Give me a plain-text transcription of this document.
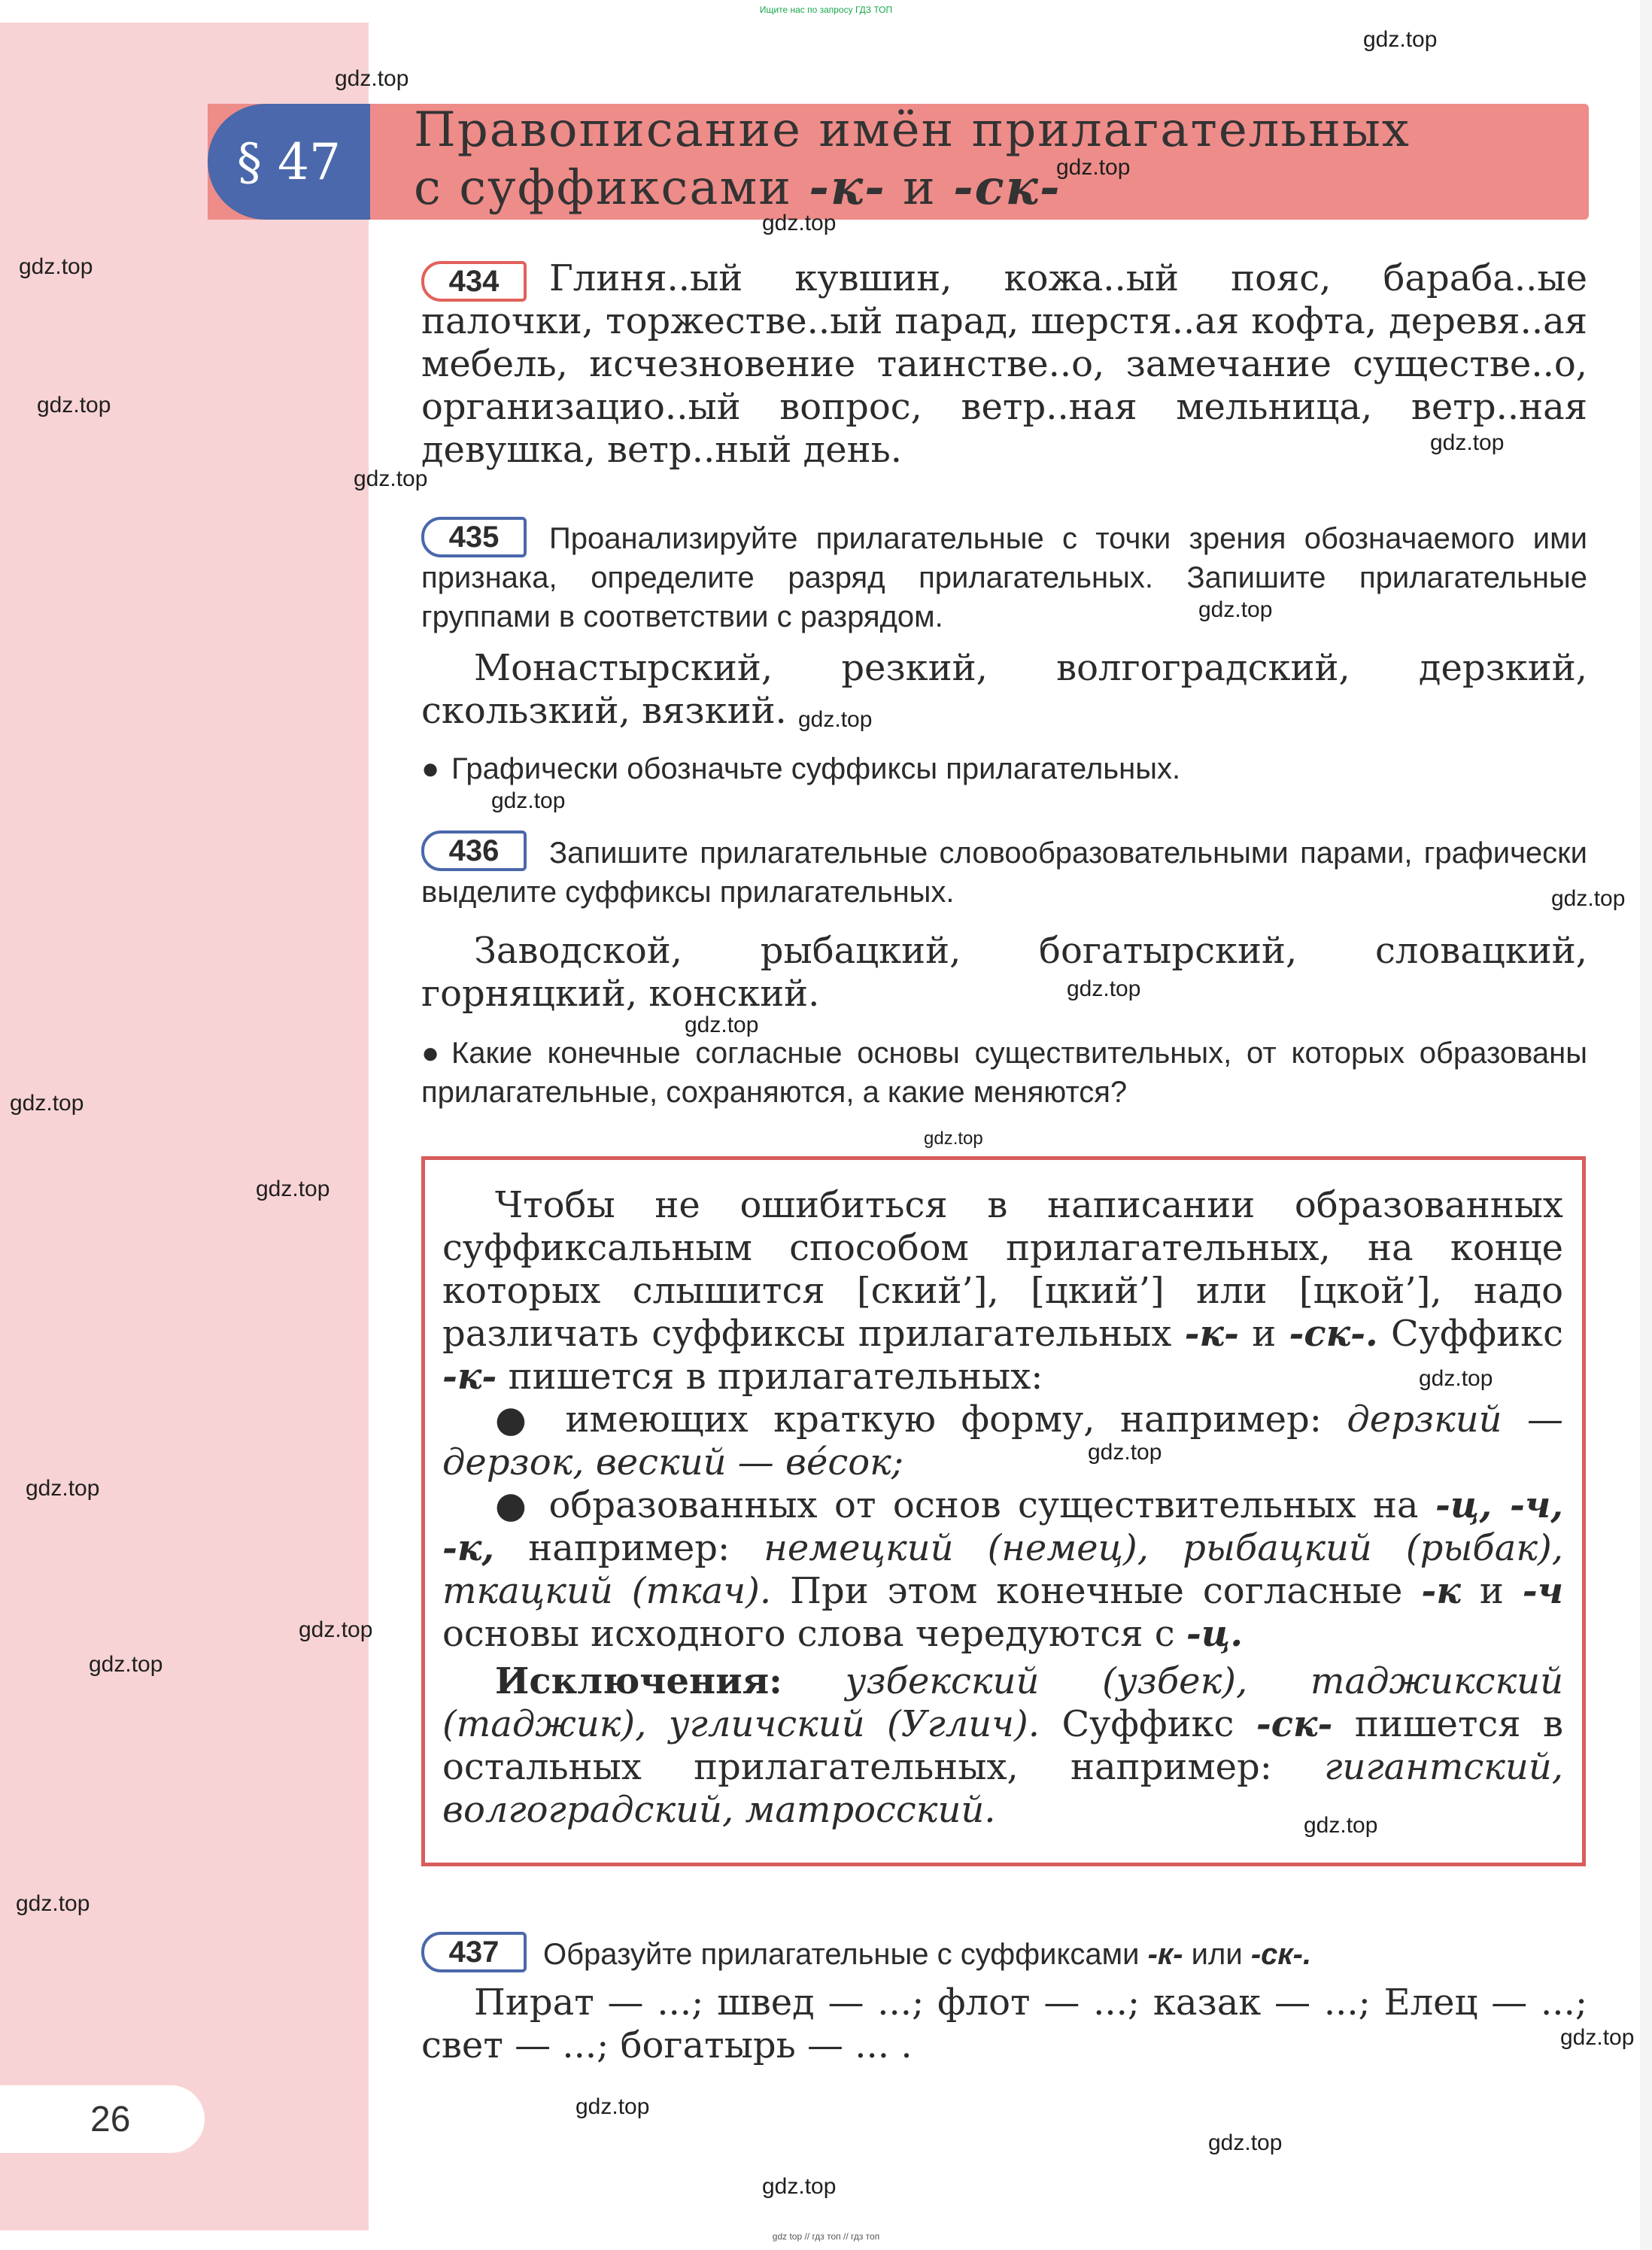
Ищите нас по запросу ГДЗ ТОП
§ 47
Правописание имён прилагательных
с суффиксами -к- и -ск-
434	Глиня..ый кувшин, кожа..ый пояс, бараба..ые палочки, торжестве..ый парад, шерстя..ая кофта, деревя..ая мебель, исчезновение таинстве..о, замечание существе..о, организацио..ый вопрос, ветр..ная мельница, ветр..ная девушка, ветр..ный день.
435	Проанализируйте прилагательные с точки зрения обозначаемого ими признака, определите разряд прилагательных. Запишите прилагательные группами в соответствии с разрядом.
Монастырский, резкий, волгоградский, дерзкий, скользкий, вязкий.
● Графически обозначьте суффиксы прилагательных.
436	Запишите прилагательные словообразовательными парами, графически выделите суффиксы прилагательных.
Заводской, рыбацкий, богатырский, словацкий, горняцкий, конский.
● Какие конечные согласные основы существительных, от которых образованы прилагательные, сохраняются, а какие меняются?

Чтобы не ошибиться в написании образованных суффиксальным способом прилагательных, на конце которых слышится [ский’], [цкий’] или [цкой’], надо различать суффиксы прилагательных -к- и -ск-. Суффикс -к- пишется в прилагательных:

● имеющих краткую форму, например: дерзкий — дерзок, веский — вéсок;

● образованных от основ существительных на -ц, -ч, -к, например: немецкий (немец), рыбацкий (рыбак), ткацкий (ткач). При этом конечные согласные -к и -ч основы исходного слова чередуются с -ц.

Исключения: узбекский (узбек), таджикский (таджик), угличский (Углич). Суффикс -ск- пишется в остальных прилагательных, например: гигантский, волгоградский, матросский.

437	Образуйте прилагательные с суффиксами -к- или -ск-.
Пират — ...; швед — ...; флот — ...; казак — ...; Елец — ...; свет — ...; богатырь — ... .
26
gdz.top
gdz.top
gdz.top
gdz.top
gdz.top
gdz.top
gdz.top
gdz.top
gdz.top
gdz.top
gdz.top
gdz.top
gdz.top
gdz.top
gdz.top
gdz.top
gdz.top
gdz.top
gdz.top
gdz.top
gdz.top
gdz.top
gdz.top
gdz.top
gdz.top
gdz.top
gdz.top
gdz.top
gdz top // гдз топ // гдз топ
